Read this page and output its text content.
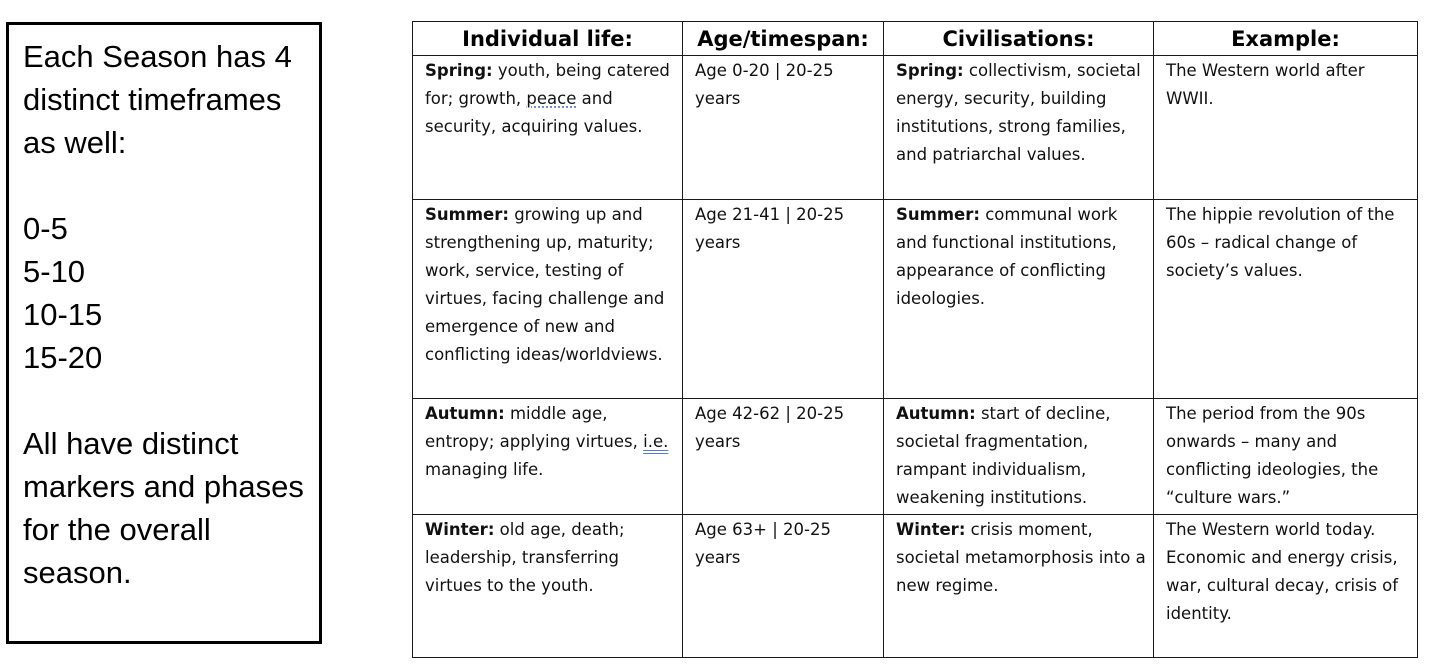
Each Season has 4 distinct timeframes as well:

0-5
5-10
10-15
15-20

All have distinct markers and phases for the overall season.

Individual life:	Age/timespan:	Civilisations:	Example:
Spring: youth, being catered for; growth, peace and security, acquiring values.	Age 0-20 | 20-25 years	Spring: collectivism, societal energy, security, building institutions, strong families, and patriarchal values.	The Western world after WWII.
Summer: growing up and strengthening up, maturity; work, service, testing of virtues, facing challenge and emergence of new and conflicting ideas/worldviews.	Age 21-41 | 20-25 years	Summer: communal work and functional institutions, appearance of conflicting ideologies.	The hippie revolution of the 60s – radical change of society’s values.
Autumn: middle age, entropy; applying virtues, i.e. managing life.	Age 42-62 | 20-25 years	Autumn: start of decline, societal fragmentation, rampant individualism, weakening institutions.	The period from the 90s onwards – many and conflicting ideologies, the “culture wars.”
Winter: old age, death; leadership, transferring virtues to the youth.	Age 63+ | 20-25 years	Winter: crisis moment, societal metamorphosis into a new regime.	The Western world today. Economic and energy crisis, war, cultural decay, crisis of identity.
